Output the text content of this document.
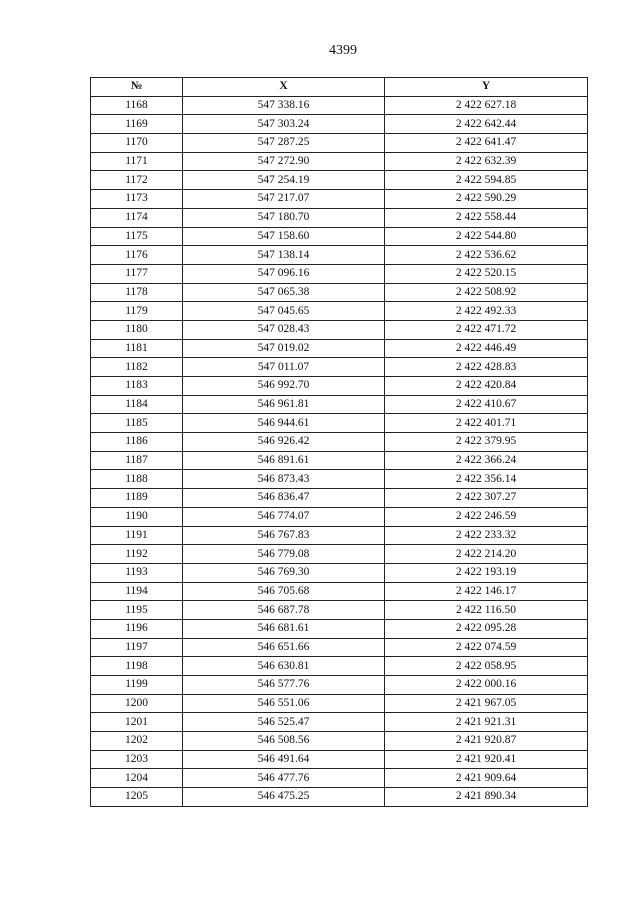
4399
№	X	Y
1168	547 338.16	2 422 627.18
1169	547 303.24	2 422 642.44
1170	547 287.25	2 422 641.47
1171	547 272.90	2 422 632.39
1172	547 254.19	2 422 594.85
1173	547 217.07	2 422 590.29
1174	547 180.70	2 422 558.44
1175	547 158.60	2 422 544.80
1176	547 138.14	2 422 536.62
1177	547 096.16	2 422 520.15
1178	547 065.38	2 422 508.92
1179	547 045.65	2 422 492.33
1180	547 028.43	2 422 471.72
1181	547 019.02	2 422 446.49
1182	547 011.07	2 422 428.83
1183	546 992.70	2 422 420.84
1184	546 961.81	2 422 410.67
1185	546 944.61	2 422 401.71
1186	546 926.42	2 422 379.95
1187	546 891.61	2 422 366.24
1188	546 873.43	2 422 356.14
1189	546 836.47	2 422 307.27
1190	546 774.07	2 422 246.59
1191	546 767.83	2 422 233.32
1192	546 779.08	2 422 214.20
1193	546 769.30	2 422 193.19
1194	546 705.68	2 422 146.17
1195	546 687.78	2 422 116.50
1196	546 681.61	2 422 095.28
1197	546 651.66	2 422 074.59
1198	546 630.81	2 422 058.95
1199	546 577.76	2 422 000.16
1200	546 551.06	2 421 967.05
1201	546 525.47	2 421 921.31
1202	546 508.56	2 421 920.87
1203	546 491.64	2 421 920.41
1204	546 477.76	2 421 909.64
1205	546 475.25	2 421 890.34
